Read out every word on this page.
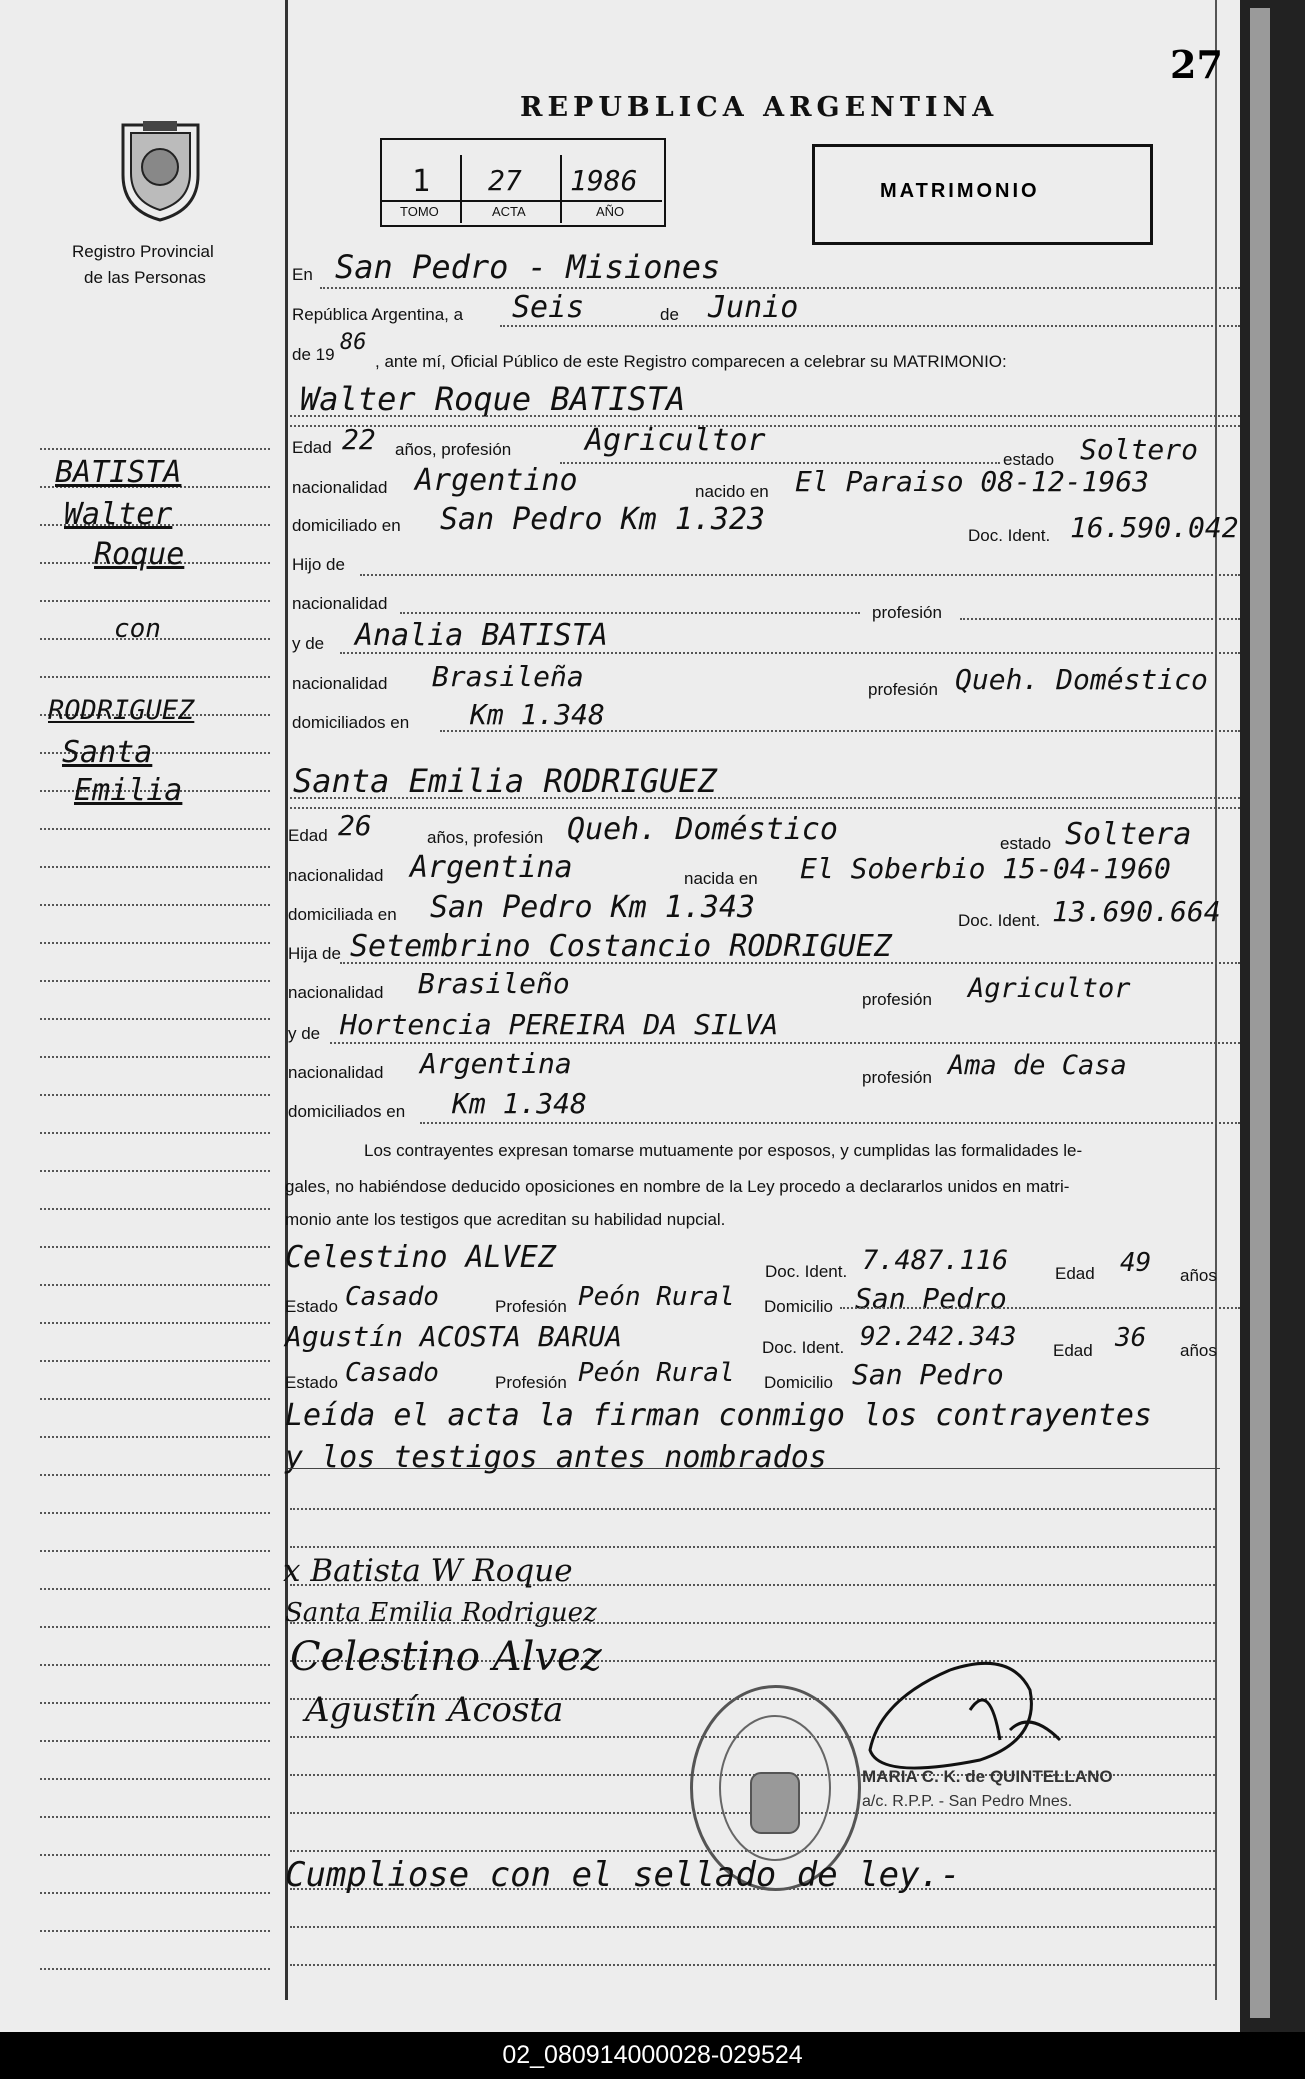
27
REPUBLICA ARGENTINA
Registro Provincial
de las Personas
1 27 1986
TOMO	ACTA	AÑO
MATRIMONIO
BATISTA
Walter
Roque
con
RODRIGUEZ
Santa
Emilia
En San Pedro - Misiones
República Argentina, a Seis	de Junio
de 19 86
, ante mí, Oficial Público de este Registro comparecen a celebrar su MATRIMONIO:
Walter Roque BATISTA
Edad 22 años, profesión Agricultor
estado Soltero
nacionalidad Argentino	nacido en El Paraiso 08-12-1963
domiciliado en San Pedro Km 1.323	Doc. Ident. 16.590.042
Hijo de
nacionalidad	profesión
y de Analia BATISTA
nacionalidad Brasileña	profesión Queh. Doméstico
domiciliados en Km 1.348
Santa Emilia RODRIGUEZ
Edad 26	años, profesión Queh. Doméstico	estado Soltera
nacionalidad Argentina	nacida en El Soberbio 15-04-1960
domiciliada en San Pedro Km 1.343	Doc. Ident. 13.690.664
Hija de Setembrino Costancio RODRIGUEZ
nacionalidad Brasileño	profesión Agricultor
y de Hortencia PEREIRA DA SILVA
nacionalidad Argentina	profesión Ama de Casa
domiciliados en Km 1.348
Los contrayentes expresan tomarse mutuamente por esposos, y cumplidas las formalidades le-
gales, no habiéndose deducido oposiciones en nombre de la Ley procedo a declararlos unidos en matri-
monio ante los testigos que acreditan su habilidad nupcial.
Celestino ALVEZ	Doc. Ident. 7.487.116	Edad 49 años
Estado Casado	Profesión Peón Rural Domicilio San Pedro
Agustín ACOSTA BARUA	Doc. Ident. 92.242.343 Edad 36 años
Estado Casado	Profesión Peón Rural Domicilio San Pedro
Leída el acta la firman conmigo los contrayentes
y los testigos antes nombrados
x Batista W Roque
Santa Emilia Rodriguez
Celestino Alvez
Agustín Acosta
MARIA C. K. de QUINTELLANO
a/c. R.P.P. - San Pedro Mnes.
Cumpliose con el sellado de ley.-
02_080914000028-029524
